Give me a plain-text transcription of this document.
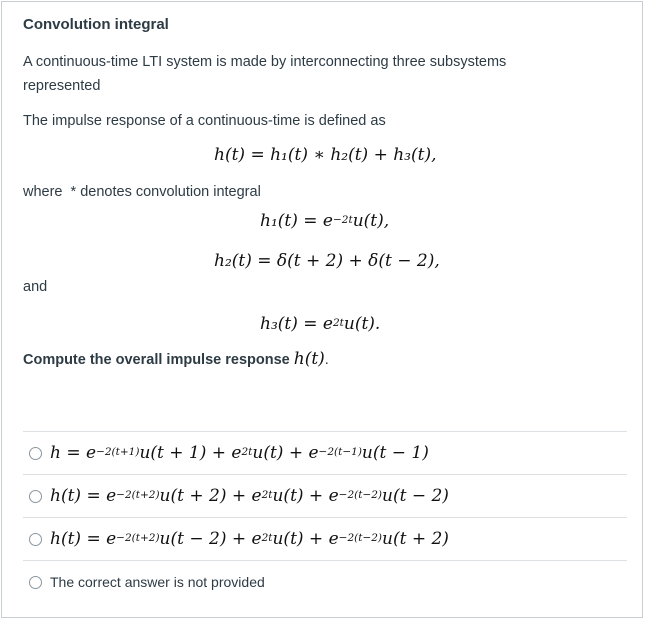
Convolution integral
A continuous-time LTI system is made by interconnecting three subsystems represented
The impulse response of a continuous-time is defined as
h(t) = h₁(t) ∗ h₂(t) + h₃(t),
where  * denotes convolution integral
$h_1(t) = e^{-2t}u(t)$,
h₂(t) = δ(t + 2) + δ(t − 2),
and
$h_3(t) = e^{2t}u(t)$.
Compute the overall impulse response h(t).
$h = e^{-2(t+1)}u(t + 1) + e^{2t}u(t) + e^{-2(t-1)}u(t - 1)$
$h(t) = e^{-2(t+2)}u(t + 2) + e^{2t}u(t) + e^{-2(t-2)}u(t - 2)$
$h(t) = e^{-2(t+2)}u(t - 2) + e^{2t}u(t) + e^{-2(t-2)}u(t + 2)$
The correct answer is not provided
